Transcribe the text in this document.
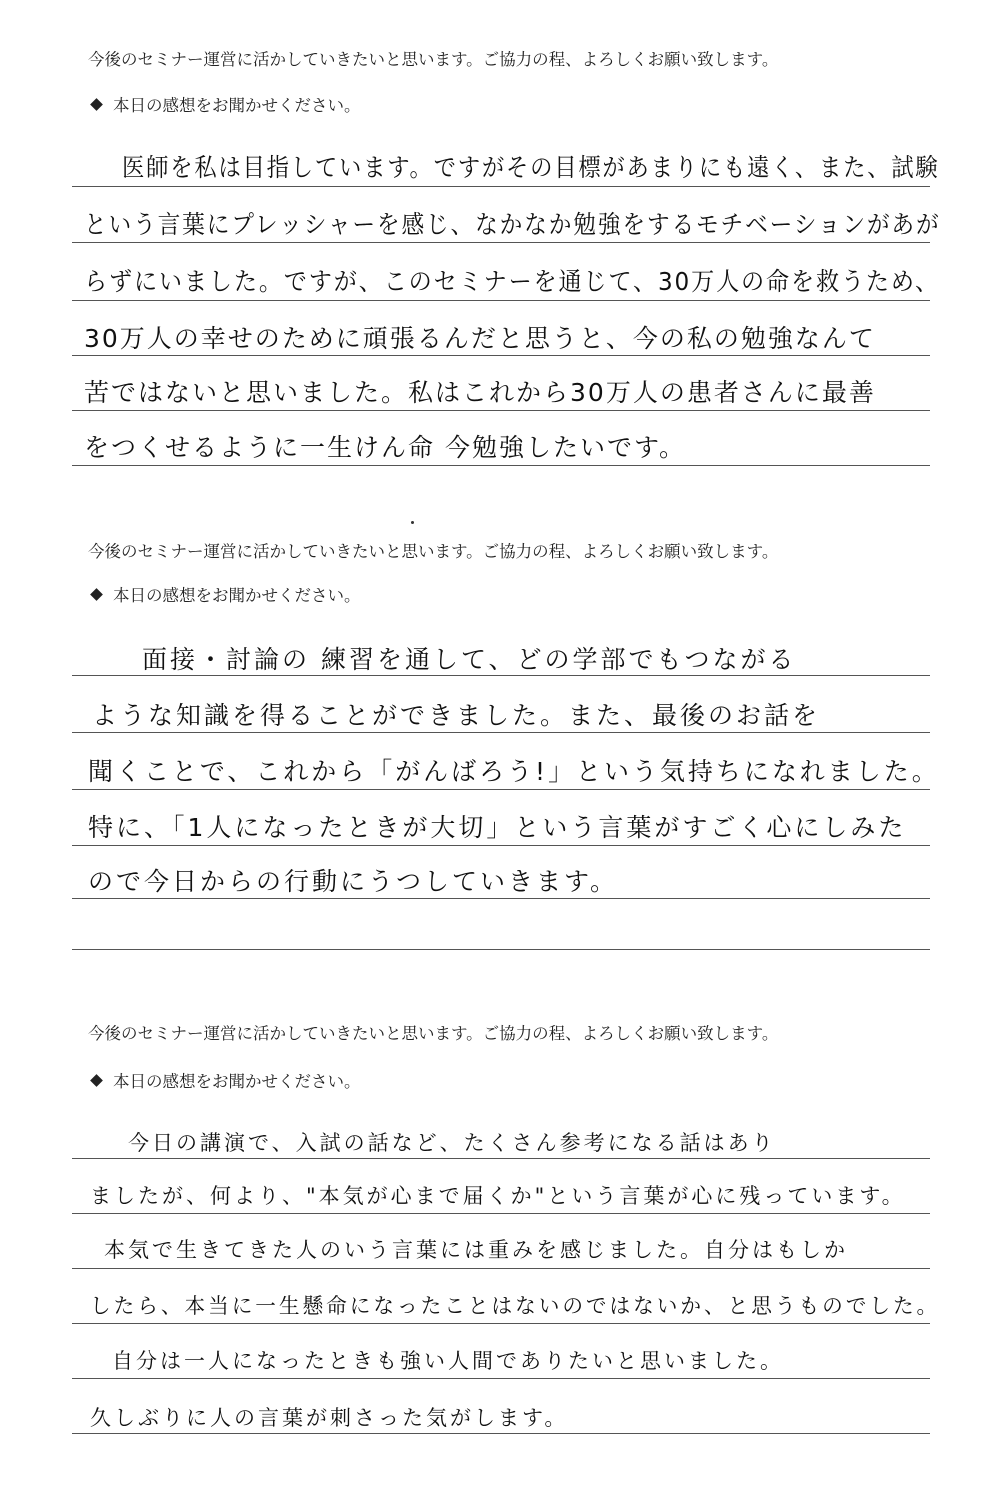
今後のセミナー運営に活かしていきたいと思います。ご協力の程、よろしくお願い致します。
本日の感想をお聞かせください。
医師を私は目指しています。ですがその目標があまりにも遠く、また、試験
という言葉にプレッシャーを感じ、なかなか勉強をするモチベーションがあが
らずにいました。ですが、このセミナーを通じて、30万人の命を救うため、
30万人の幸せのために頑張るんだと思うと、今の私の勉強なんて
苦ではないと思いました。私はこれから30万人の患者さんに最善
をつくせるように一生けん命 今勉強したいです。
今後のセミナー運営に活かしていきたいと思います。ご協力の程、よろしくお願い致します。
本日の感想をお聞かせください。
面接・討論の 練習を通して、どの学部でもつながる
ような知識を得ることができました。また、最後のお話を
聞くことで、これから「がんばろう!」という気持ちになれました。
特に、「1人になったときが大切」という言葉がすごく心にしみた
ので今日からの行動にうつしていきます。
今後のセミナー運営に活かしていきたいと思います。ご協力の程、よろしくお願い致します。
本日の感想をお聞かせください。
今日の講演で、入試の話など、たくさん参考になる話はあり
ましたが、何より、"本気が心まで届くか"という言葉が心に残っています。
本気で生きてきた人のいう言葉には重みを感じました。自分はもしか
したら、本当に一生懸命になったことはないのではないか、と思うものでした。
自分は一人になったときも強い人間でありたいと思いました。
久しぶりに人の言葉が刺さった気がします。
